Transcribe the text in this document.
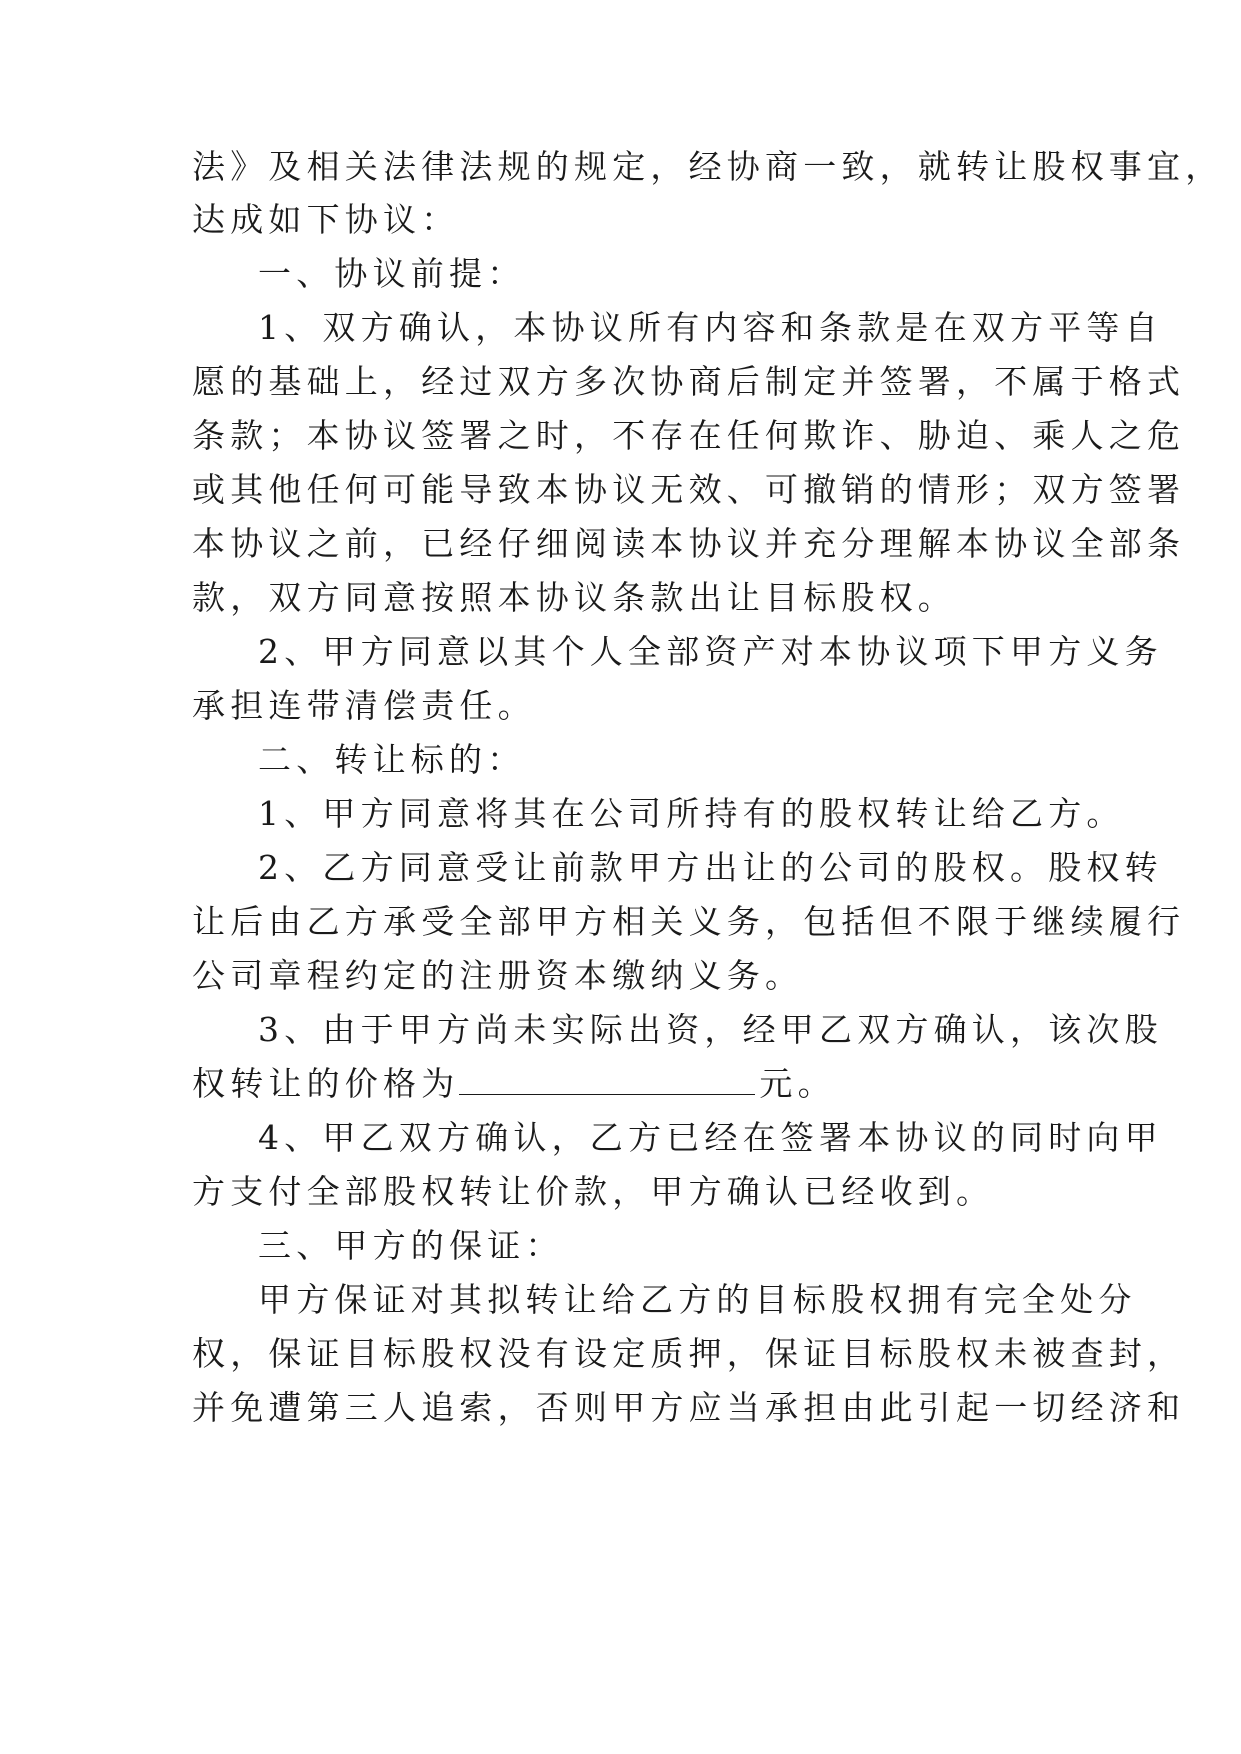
法》及相关法律法规的规定，经协商一致，就转让股权事宜，
达成如下协议：
一、协议前提：
1、双方确认，本协议所有内容和条款是在双方平等自
愿的基础上，经过双方多次协商后制定并签署，不属于格式
条款；本协议签署之时，不存在任何欺诈、胁迫、乘人之危
或其他任何可能导致本协议无效、可撤销的情形；双方签署
本协议之前，已经仔细阅读本协议并充分理解本协议全部条
款，双方同意按照本协议条款出让目标股权。
2、甲方同意以其个人全部资产对本协议项下甲方义务
承担连带清偿责任。
二、转让标的：
1、甲方同意将其在公司所持有的股权转让给乙方。
2、乙方同意受让前款甲方出让的公司的股权。股权转
让后由乙方承受全部甲方相关义务，包括但不限于继续履行
公司章程约定的注册资本缴纳义务。
3、由于甲方尚未实际出资，经甲乙双方确认，该次股
权转让的价格为	元。
4、甲乙双方确认，乙方已经在签署本协议的同时向甲
方支付全部股权转让价款，甲方确认已经收到。
三、甲方的保证：
甲方保证对其拟转让给乙方的目标股权拥有完全处分
权，保证目标股权没有设定质押，保证目标股权未被查封，
并免遭第三人追索，否则甲方应当承担由此引起一切经济和
